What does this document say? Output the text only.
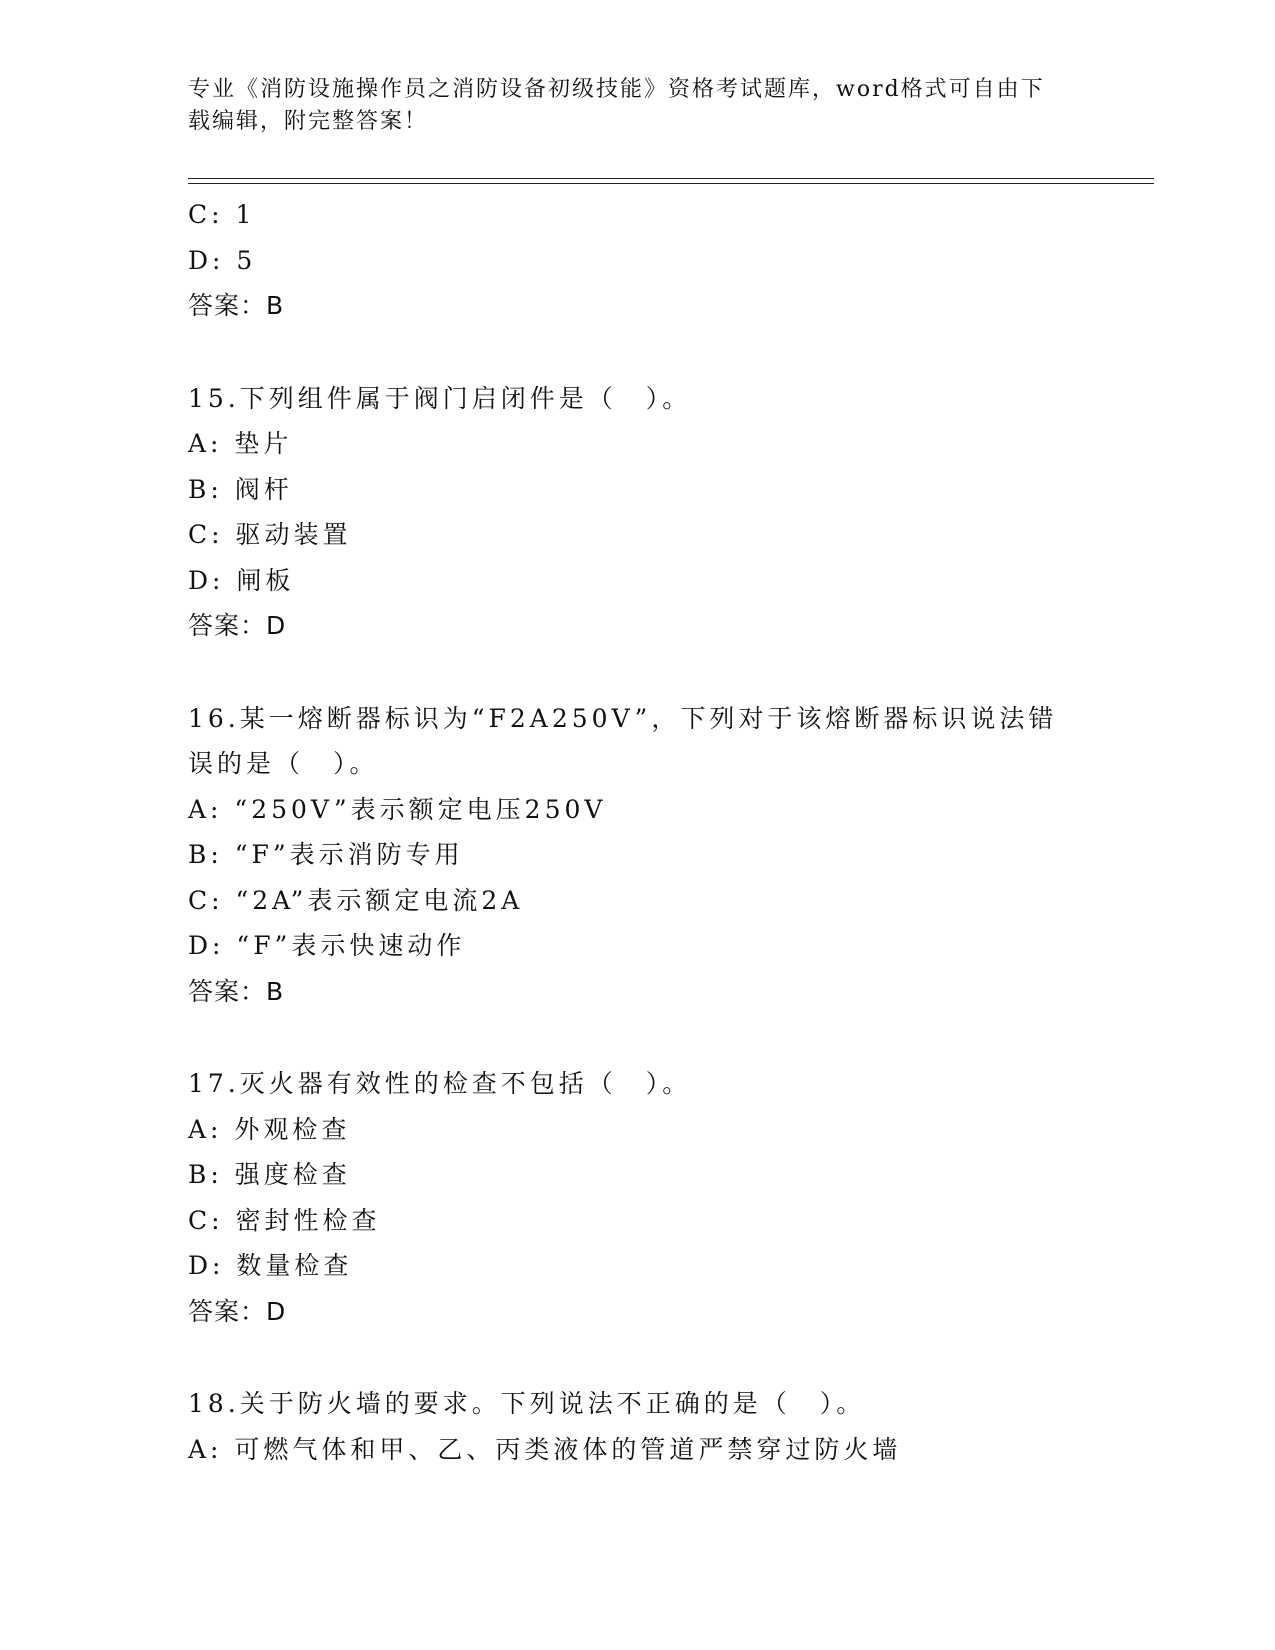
专业《消防设施操作员之消防设备初级技能》资格考试题库，word格式可自由下载编辑，附完整答案！
C: 1
D: 5
答案：B
15.下列组件属于阀门启闭件是（　）。
A: 垫片
B: 阀杆
C: 驱动装置
D: 闸板
答案：D
16.某一熔断器标识为“F2A250V”，下列对于该熔断器标识说法错误的是（　）。
A: “250V”表示额定电压250V
B: “F”表示消防专用
C: “2A”表示额定电流2A
D: “F”表示快速动作
答案：B
17.灭火器有效性的检查不包括（　）。
A: 外观检查
B: 强度检查
C: 密封性检查
D: 数量检查
答案：D
18.关于防火墙的要求。下列说法不正确的是（　）。
A: 可燃气体和甲、乙、丙类液体的管道严禁穿过防火墙
